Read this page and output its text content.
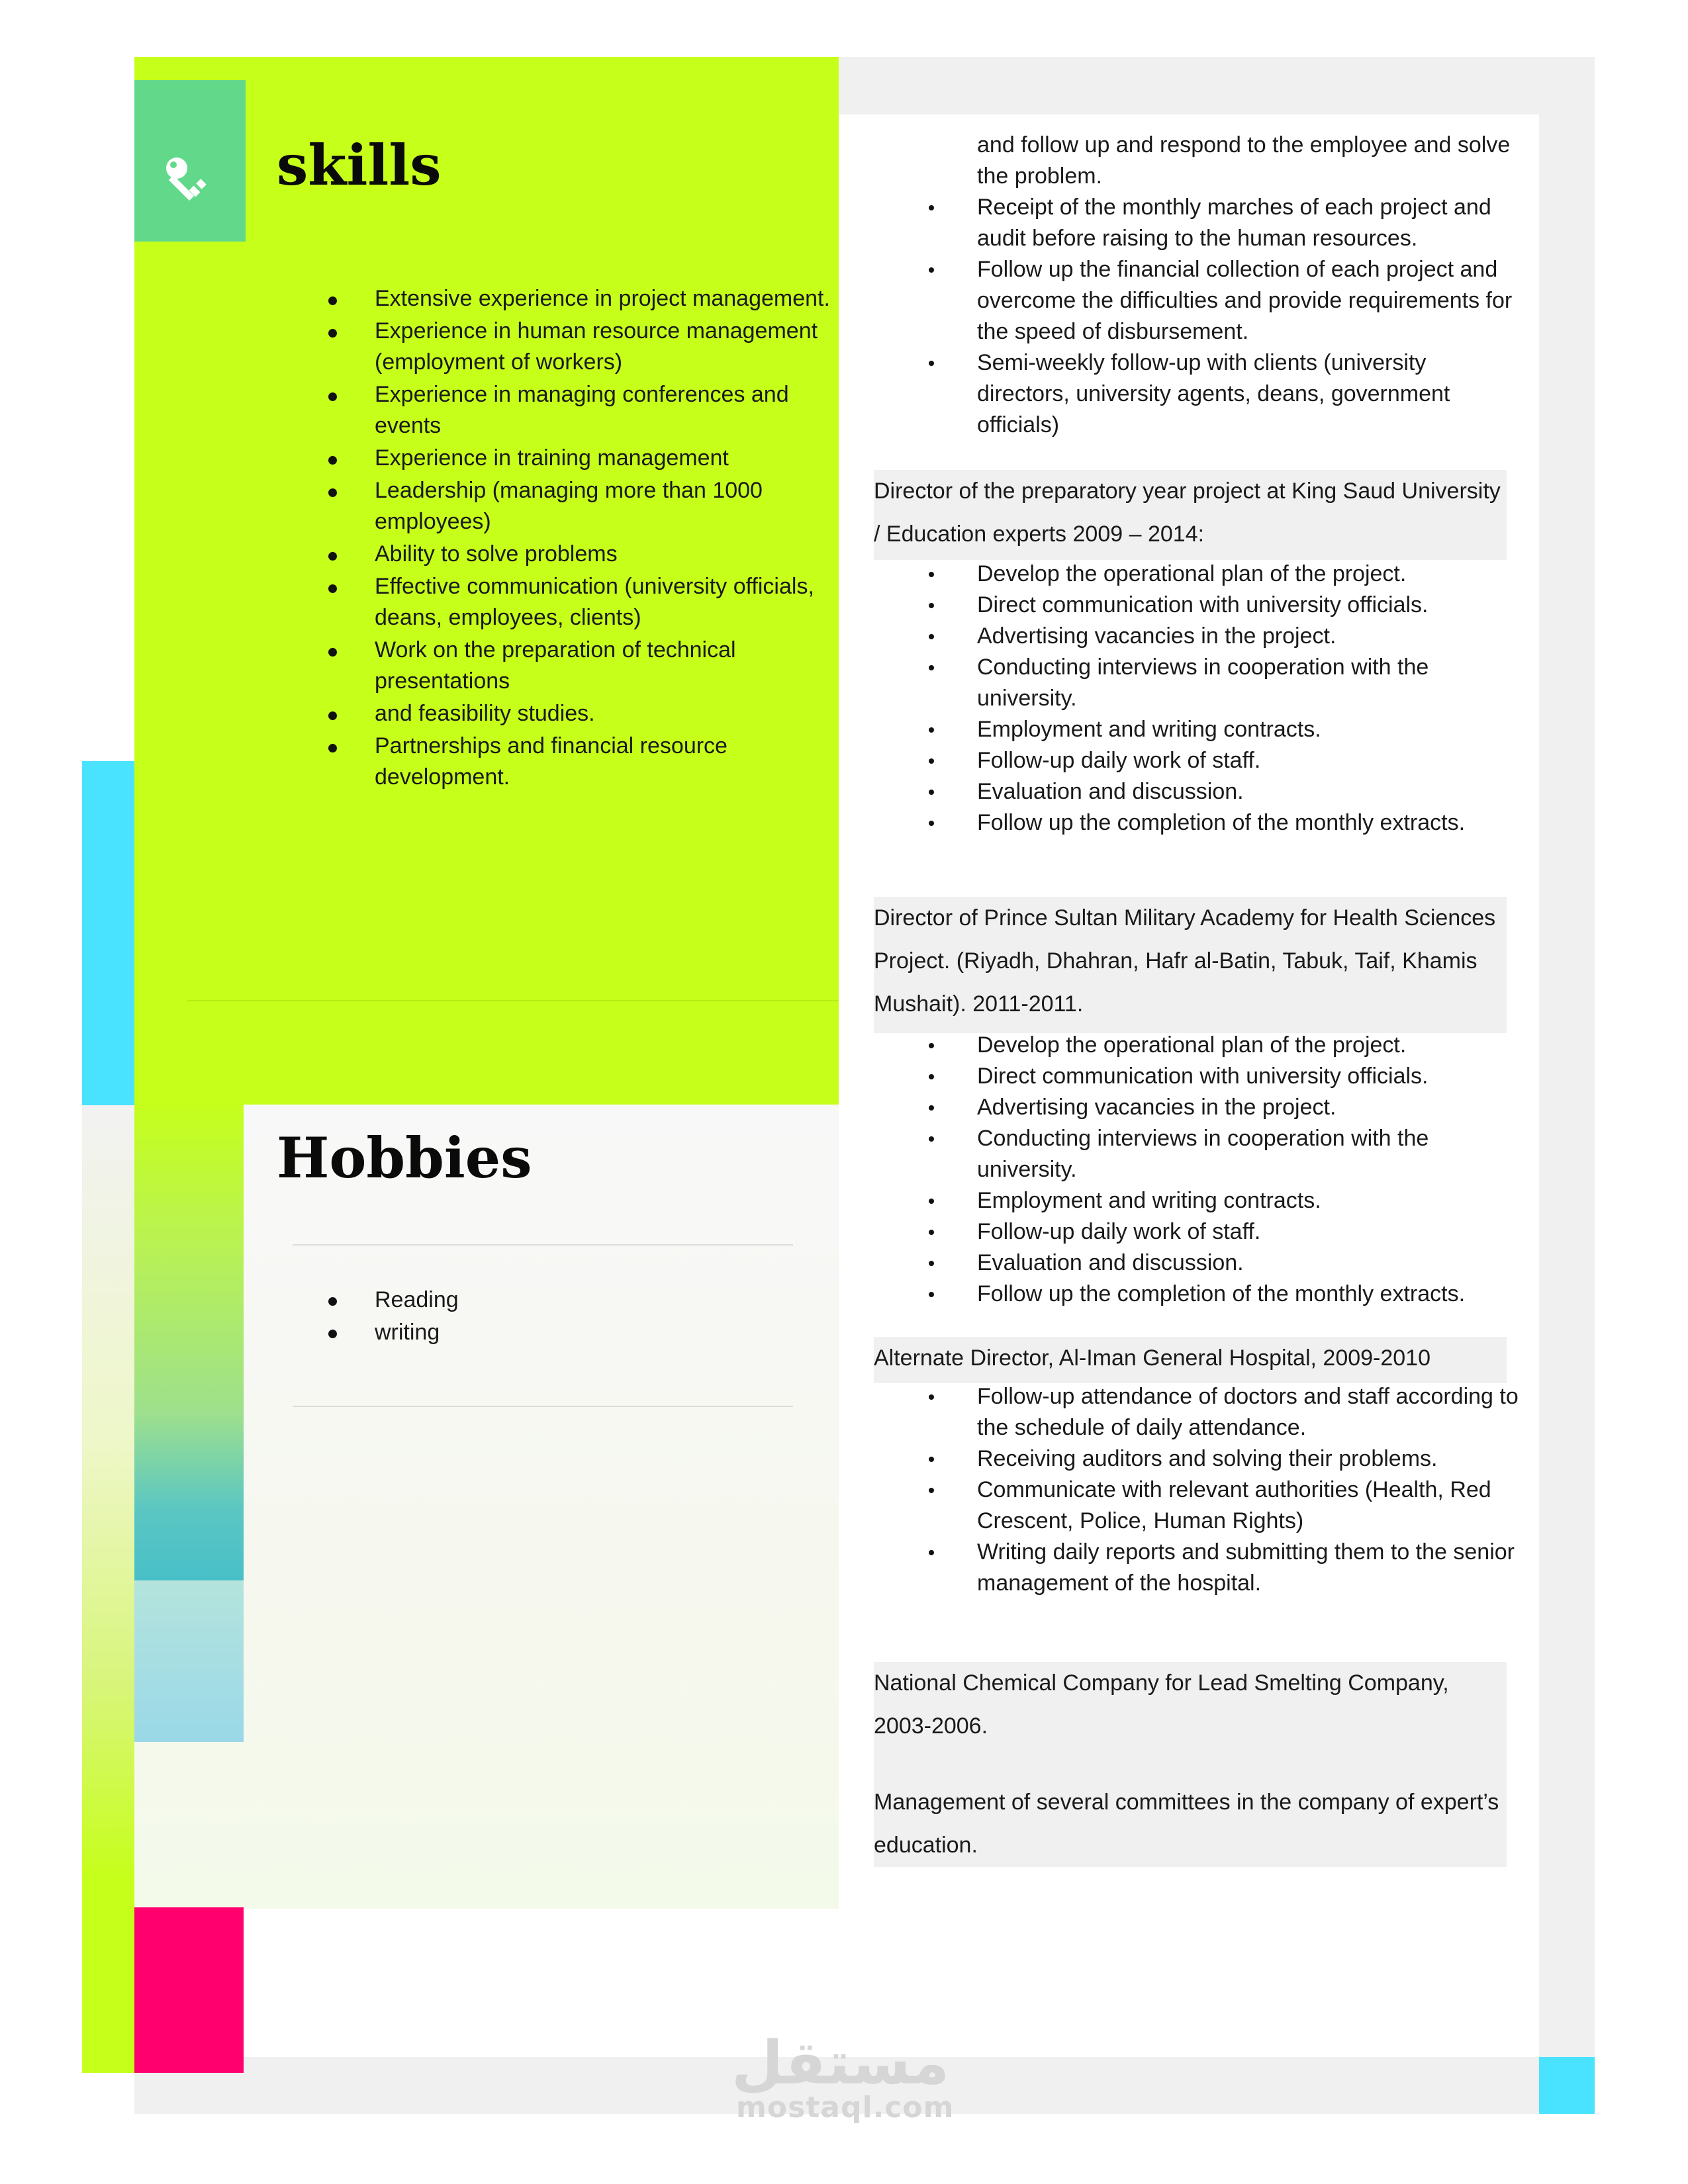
skills
Extensive experience in project management.
Experience in human resource management (employment of workers)
Experience in managing conferences and events
Experience in training management
Leadership (managing more than 1000 employees)
Ability to solve problems
Effective communication (university officials, deans, employees, clients)
Work on the preparation of technical presentations
and feasibility studies.
Partnerships and financial resource development.
Hobbies
Reading
writing
and follow up and respond to the employee and solve the problem.
Receipt of the monthly marches of each project and audit before raising to the human resources.
Follow up the financial collection of each project and overcome the difficulties and provide requirements for the speed of disbursement.
Semi-weekly follow-up with clients (university directors, university agents, deans, government officials)
Director of the preparatory year project at King Saud University / Education experts 2009 – 2014:
Develop the operational plan of the project.
Direct communication with university officials.
Advertising vacancies in the project.
Conducting interviews in cooperation with the university.
Employment and writing contracts.
Follow-up daily work of staff.
Evaluation and discussion.
Follow up the completion of the monthly extracts.
Director of Prince Sultan Military Academy for Health Sciences Project. (Riyadh, Dhahran, Hafr al-Batin, Tabuk, Taif, Khamis Mushait). 2011-2011.
Develop the operational plan of the project.
Direct communication with university officials.
Advertising vacancies in the project.
Conducting interviews in cooperation with the university.
Employment and writing contracts.
Follow-up daily work of staff.
Evaluation and discussion.
Follow up the completion of the monthly extracts.
Alternate Director, Al-Iman General Hospital, 2009-2010
Follow-up attendance of doctors and staff according to the schedule of daily attendance.
Receiving auditors and solving their problems.
Communicate with relevant authorities (Health, Red Crescent, Police, Human Rights)
Writing daily reports and submitting them to the senior management of the hospital.
National Chemical Company for Lead Smelting Company, 2003-2006.
Management of several committees in the company of expert’s education.
مستقل
mostaql.com
